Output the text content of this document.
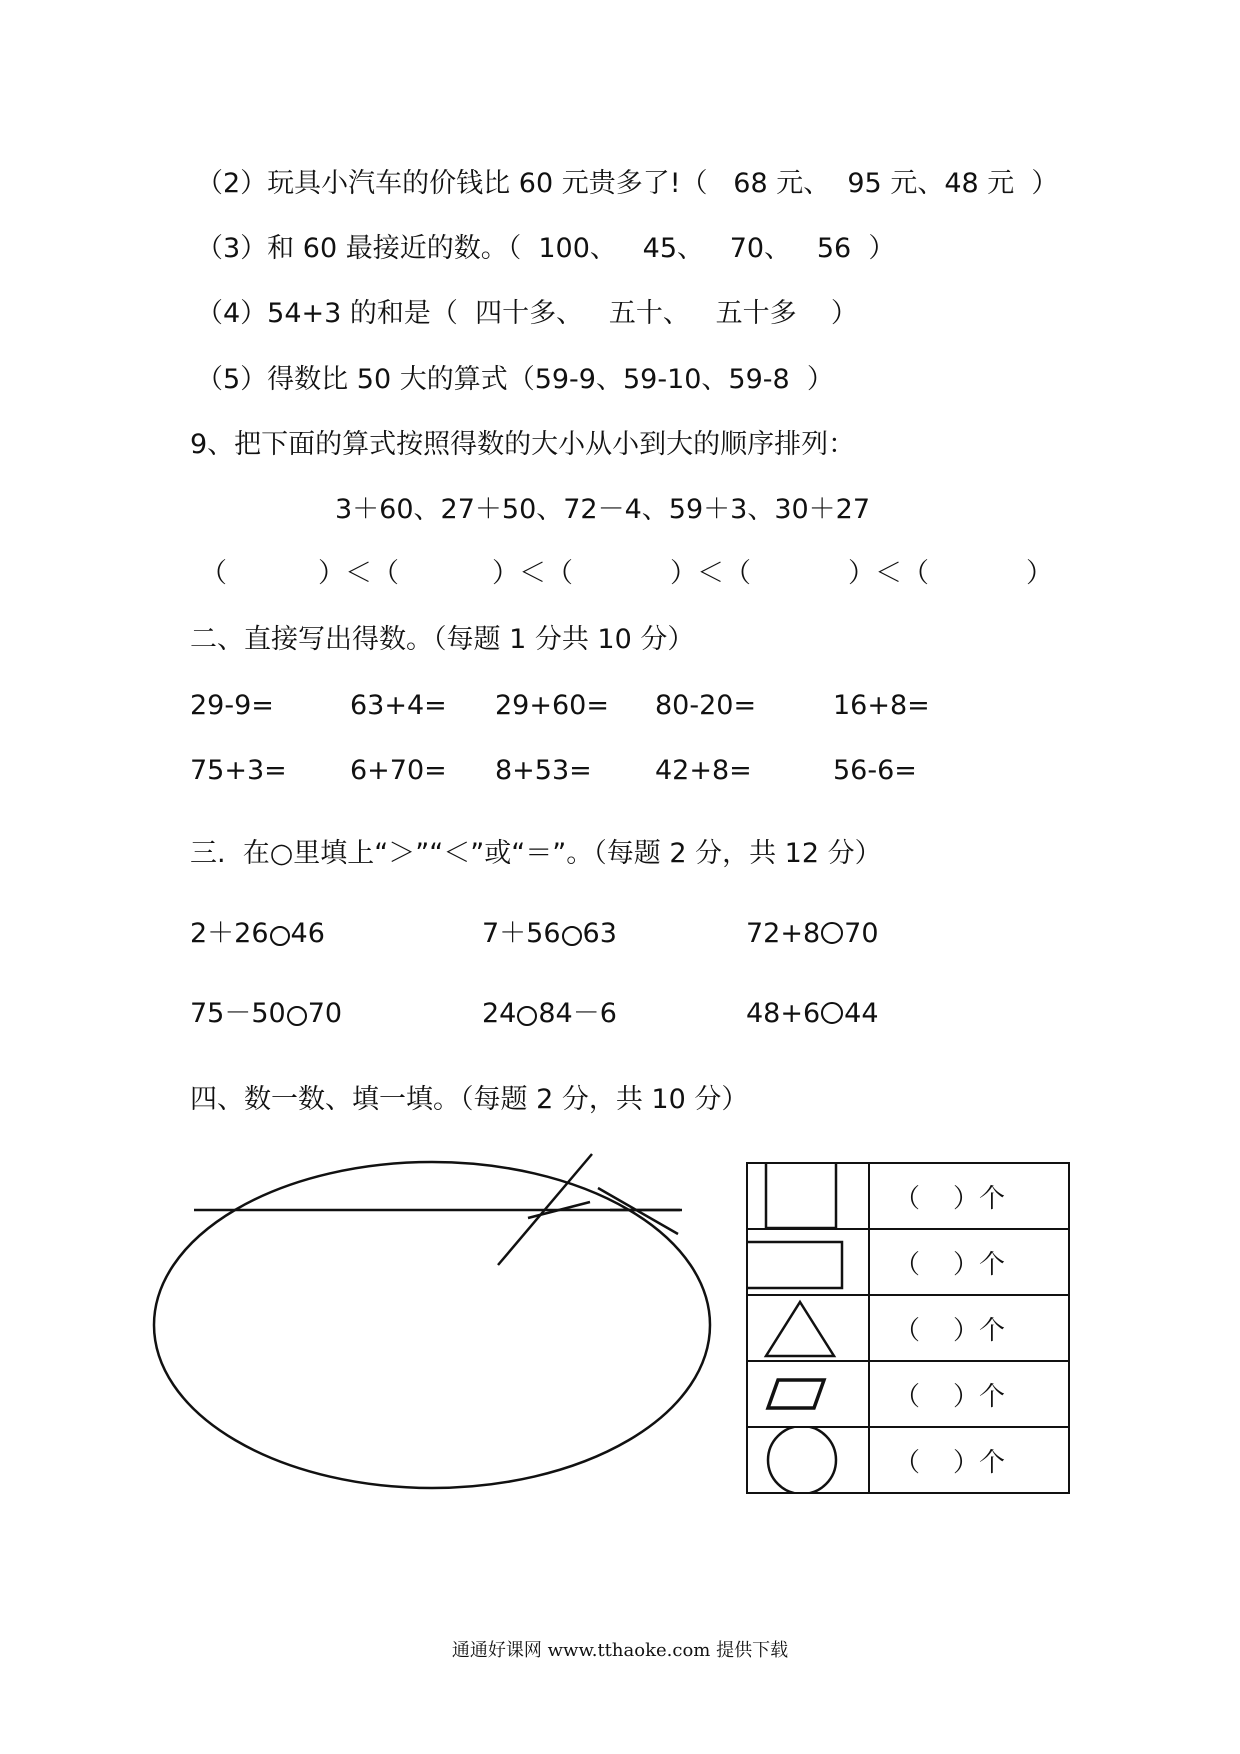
（2）玩具小汽车的价钱比 60 元贵多了!（   68 元、  95 元、48 元  ）
（3）和 60 最接近的数。（  100、   45、   70、   56  ）
（4）54+3 的和是（  四十多、   五十、   五十多    ）
（5）得数比 50 大的算式（59-9、59-10、59-8  ）
9、把下面的算式按照得数的大小从小到大的顺序排列：
3＋60、27＋50、72－4、59＋3、30＋27
（	）＜（	）＜（	）＜（	）＜（	）
二、直接写出得数。（每题 1 分共 10 分）
29-9=	63+4= 29+60= 80-20=	16+8=
75+3= 6+70= 8+53= 42+8=	56-6=
三.  在○里填上“＞”“＜”或“＝”。（每题 2 分，共 12 分）
2＋26 46	7＋56 63	72+8 70
75－50 70	24 84－6	48+6 44
四、数一数、填一填。（每题 2 分，共 10 分）
	（    ）个

	（    ）个

	（    ）个

	（    ）个

	（    ）个
通通好课网 www.tthaoke.com 提供下载
